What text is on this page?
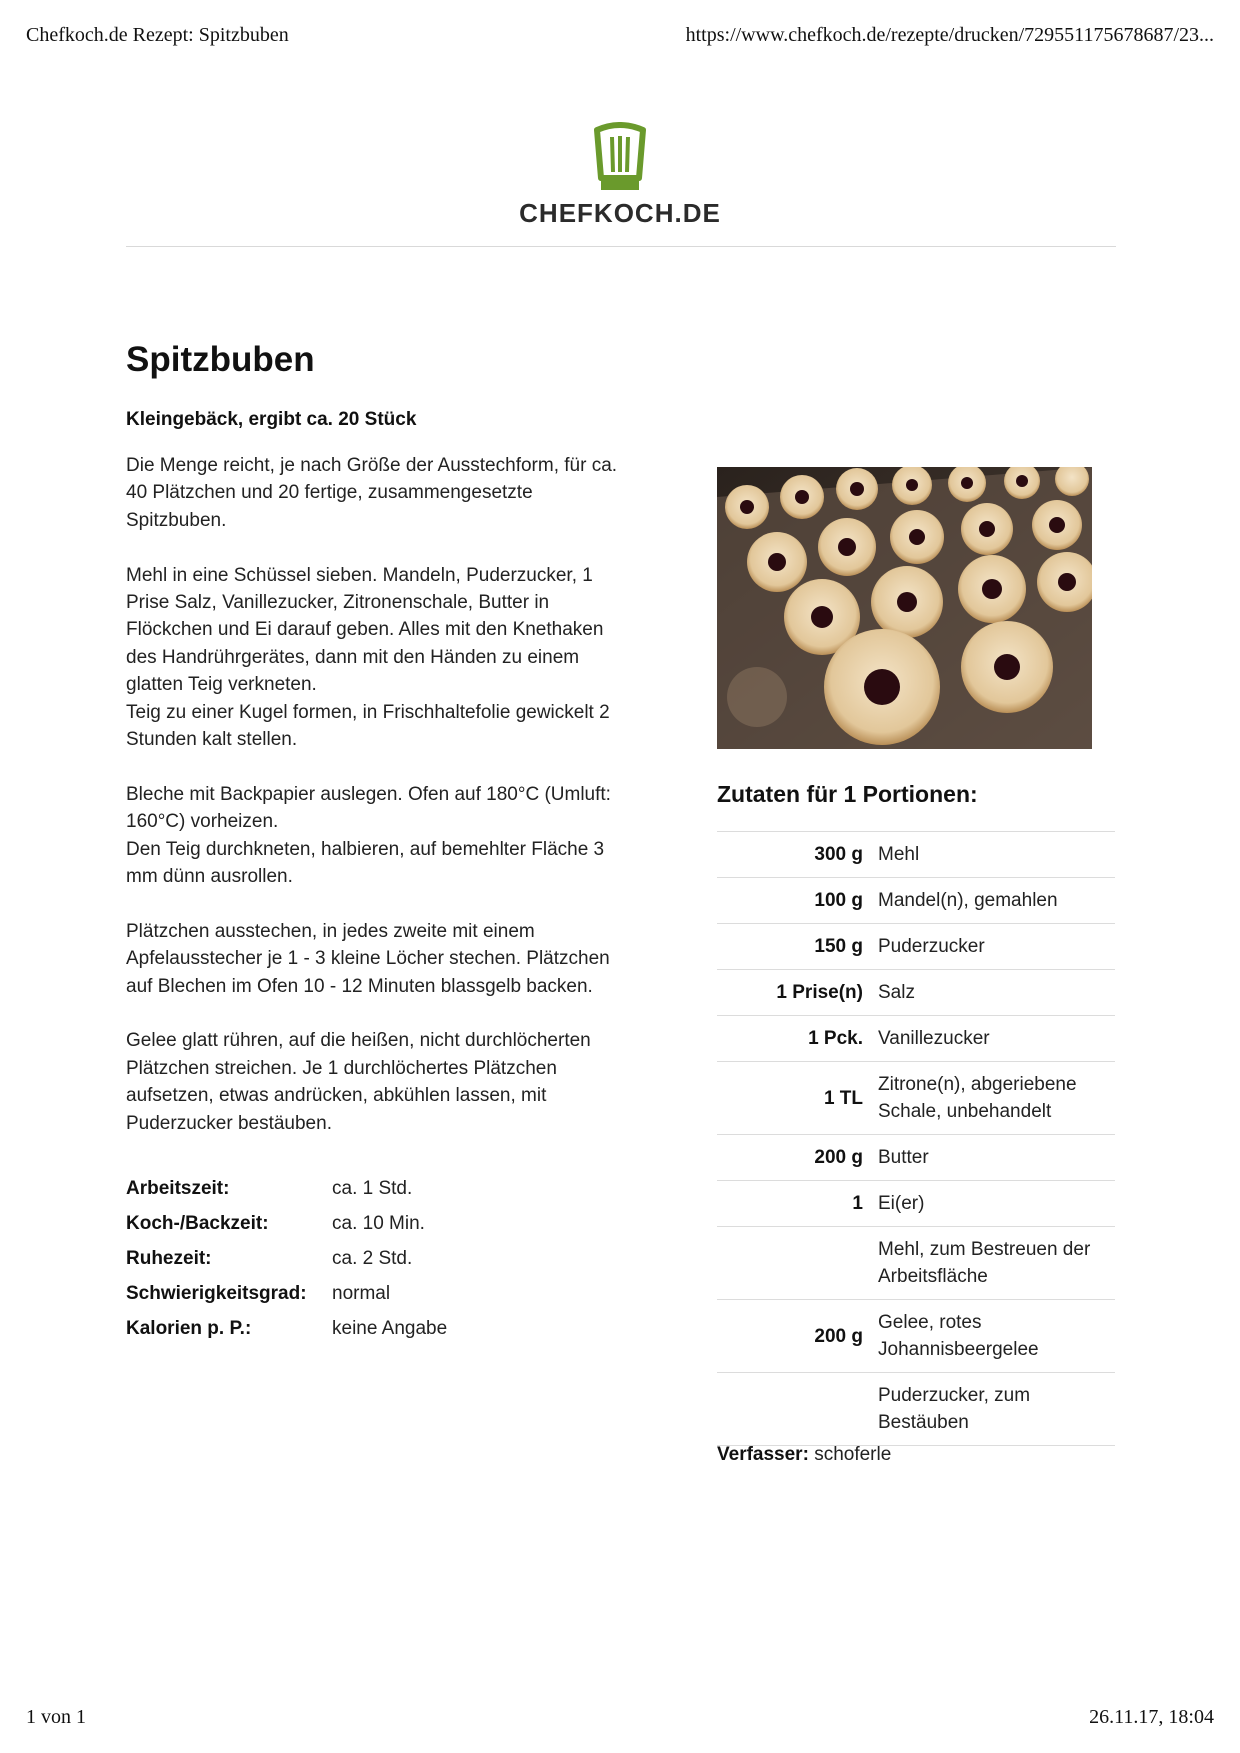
Chefkoch.de Rezept: Spitzbuben	https://www.chefkoch.de/rezepte/drucken/729551175678687/23...
CHEFKOCH.DE
Spitzbuben
Kleingebäck, ergibt ca. 20 Stück

Die Menge reicht, je nach Größe der Ausstechform, für ca.
40 Plätzchen und 20 fertige, zusammengesetzte
Spitzbuben.

Mehl in eine Schüssel sieben. Mandeln, Puderzucker, 1
Prise Salz, Vanillezucker, Zitronenschale, Butter in
Flöckchen und Ei darauf geben. Alles mit den Knethaken
des Handrührgerätes, dann mit den Händen zu einem
glatten Teig verkneten.
Teig zu einer Kugel formen, in Frischhaltefolie gewickelt 2
Stunden kalt stellen.

Bleche mit Backpapier auslegen. Ofen auf 180°C (Umluft:
160°C) vorheizen.
Den Teig durchkneten, halbieren, auf bemehlter Fläche 3
mm dünn ausrollen.

Plätzchen ausstechen, in jedes zweite mit einem
Apfelausstecher je 1 - 3 kleine Löcher stechen. Plätzchen
auf Blechen im Ofen 10 - 12 Minuten blassgelb backen.

Gelee glatt rühren, auf die heißen, nicht durchlöcherten
Plätzchen streichen. Je 1 durchlöchertes Plätzchen
aufsetzen, etwas andrücken, abkühlen lassen, mit
Puderzucker bestäuben.

Arbeitszeit:	ca. 1 Std.
Koch-/Backzeit:	ca. 10 Min.
Ruhezeit:	ca. 2 Std.
Schwierigkeitsgrad:	normal
Kalorien p. P.:	keine Angabe
Zutaten für 1 Portionen:
300 g	Mehl
100 g	Mandel(n), gemahlen
150 g	Puderzucker
1 Prise(n)	Salz
1 Pck.	Vanillezucker
1 TL	Zitrone(n), abgeriebene Schale, unbehandelt
200 g	Butter
1	Ei(er)
	Mehl, zum Bestreuen der Arbeitsfläche
200 g	Gelee, rotes Johannisbeergelee
	Puderzucker, zum Bestäuben
Verfasser: schoferle
1 von 1	26.11.17, 18:04
